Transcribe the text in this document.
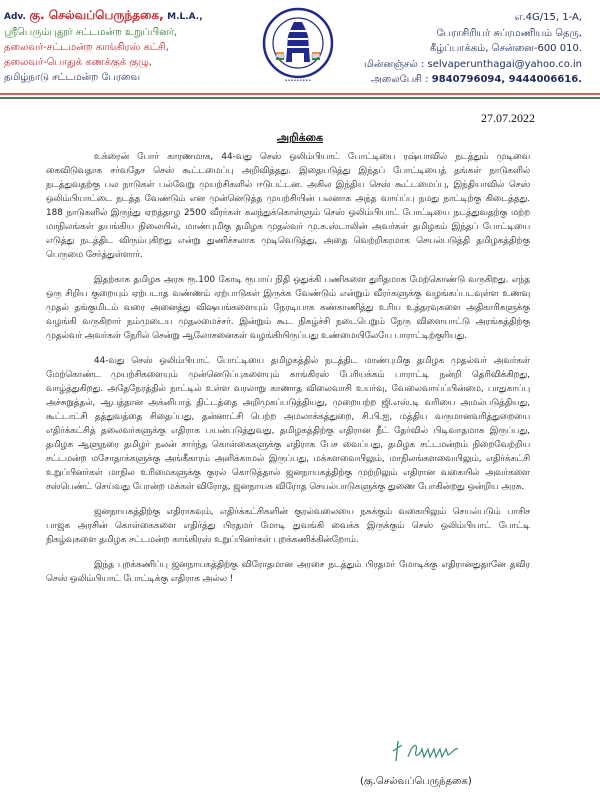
Adv. கு. செல்வப்பெருந்தகை, M.L.A.,
ஸ்ரீபெரும்புதூர் சட்டமன்ற உறுப்பினர்,
தலைவர்-சட்டமன்ற காங்கிரஸ் கட்சி,
தலைவர்-பொதுக் கணக்குக் குழு,
தமிழ்நாடு சட்டமன்ற பேரவை	•••••••••
எ.4G/15, 1-A,
பேராசிரியர் சுப்ரமணியம் தெரு,
கீழ்ப்பாக்கம், சென்னை-600 010.
மின்னஞ்சல் : selvaperunthagai@yahoo.co.in
அலைபேசி : 9840796094, 9444006616.
27.07.2022
அறிக்கை

உக்ரைன் போர் காரணமாக, 44-வது செஸ் ஒலிம்பியாட் போட்டியை ரஷ்யாவில் நடத்தும் முடிவை கைவிடுவதாக சர்வதேச செஸ் கூட்டமைப்பு அறிவித்தது. இதையடுத்து இந்தப் போட்டியைத் தங்கள் நாடுகளில் நடத்துவதற்கு பல நாடுகள் பல்வேறு முயற்சிகளில் ஈடுபட்டன. அகில இந்திய செஸ் கூட்டமைப்பு, இந்தியாவில் செஸ் ஒலிம்பியாட்டை நடத்த வேண்டும் என முன்னெடுத்த முயற்சியின் பலனாக அந்த வாய்ப்பு நமது நாட்டிற்கு கிடைத்தது. 188 நாடுகளில் இருந்து ஏறத்தாழ 2500 வீரர்கள் கலந்துக்கொள்ளும் செஸ் ஒலிம்பியாட் போட்டியை நடத்துவதற்கு மற்ற மாநிலங்கள் தயங்கிய நிலையில், மாண்புமிகு தமிழக முதல்வர் மு.க.ஸ்டாலின் அவர்கள் தமிழகம் இந்தப் போட்டியை எடுத்து நடத்திட விரும்புகிறது என்று துணிச்சலாக முடிவெடுத்து, அதை வெற்றிகரமாக செயல்படுத்தி தமிழகத்திற்கு பெருமை சேர்த்துள்ளார்.

இதற்காக தமிழக அரசு ரூ.100 கோடி ரூபாய் நிதி ஒதுக்கி பணிகளை துரிதமாக மேற்கொண்டு வருகிறது. எந்த ஒரு சிறிய குறையும் ஏற்படாத வண்ணம் ஏற்பாடுகள் இருக்க வேண்டும் என்றும் வீரர்களுக்கு வழங்கப்படவுள்ள உணவு முதல் தங்குமிடம் வரை அனைத்து விஷயங்களையும் நேரடியாக கண்காணித்து உரிய உத்தரவுகளை அதிகாரிகளுக்கு வழங்கி வருகிறார் நம்முடைய முதலமைச்சர். இன்றும் கூட நிகழ்ச்சி நடைபெறும் நேரு விளையாட்டு அரங்கத்திற்கு முதல்வர் அவர்கள் நேரில் சென்று ஆலோசனைகள் வழங்கியிருப்பது உண்மையிலேயே பாராட்டிற்குரியது.

44-வது செஸ் ஒலிம்பியாட் போட்டியை தமிழகத்தில் நடத்திட மாண்புமிகு தமிழக முதல்வர் அவர்கள் மேற்கொண்ட முயற்சிகளையும் முன்னெடுப்புகளையும் காங்கிரஸ் பேரியக்கம் பாராட்டி நன்றி தெரிவிக்கிறது, வாழ்த்துகிறது. அதேநேரத்தில் நாட்டில் உள்ள வரலாறு காணாத விலைவாசி உயர்வு, வேலைவாய்ப்பின்மை, பாதுகாப்பு அச்சுறுத்தல், ஆபத்தான அக்னிபாத் திட்டத்தை அறிமுகப்படுத்தியது, முறையற்ற ஜி.எஸ்.டி வரியை அமல்படுத்தியது, கூட்டாட்சி தத்துவத்தை சிதைப்பது, தன்னாட்சி பெற்ற அமலாக்கத்துறை, சி.பி.ஐ, மத்திய வருமானவரித்துறையை எதிர்க்கட்சித் தலைவர்களுக்கு எதிராக பயன்படுத்துவது, தமிழகத்திற்கு எதிரான நீட் தேர்வில் பிடிவாதமாக இருப்பது, தமிழக ஆளுநரை தமிழர் நலன் சார்ந்த கொள்கைகளுக்கு எதிராக பேச வைப்பது, தமிழக சட்டமன்றம் நிறைவேற்றிய சட்டமன்ற மசோதாக்களுக்கு அங்கீகாரம் அளிக்காமல் இருப்பது, மக்களவையிலும், மாநிலங்களவையிலும், எதிர்க்கட்சி உறுப்பினர்கள் மாநில உரிமைகளுக்கு குரல் கொடுத்தால் ஜனநாயகத்திற்கு முற்றிலும் எதிரான வகையில் அவர்களை சஸ்பெண்ட் செய்வது போன்ற மக்கள் விரோத, ஜனநாயக விரோத செயல்பாடுகளுக்கு துணை போகின்றது ஒன்றிய அரசு.

ஜனநாயகத்திற்கு எதிராகவும், எதிர்க்கட்சிகளின் குரல்வலையை நசுக்கும் வகையிலும் செயல்படும் பாசிச பாஜக அரசின் கொள்கைகளை எதிர்த்து பிரதமர் மோடி துவங்கி வைக்க இருக்கும் செஸ் ஒலிம்பியாட் போட்டி நிகழ்வுகளை தமிழக சட்டமன்ற காங்கிரஸ் உறுப்பினர்கள் புறக்கணிக்கின்றோம்.

இந்த புறக்கணிப்பு ஜனநாயகத்திற்கு விரோதமான அரசை நடத்தும் பிரதமர் மோடிக்கு எதிரானதுதானே தவிர செஸ் ஒலிம்பியாட் போட்டிக்கு எதிராக அல்ல !

(கு.செல்வப்பெருந்தகை)
